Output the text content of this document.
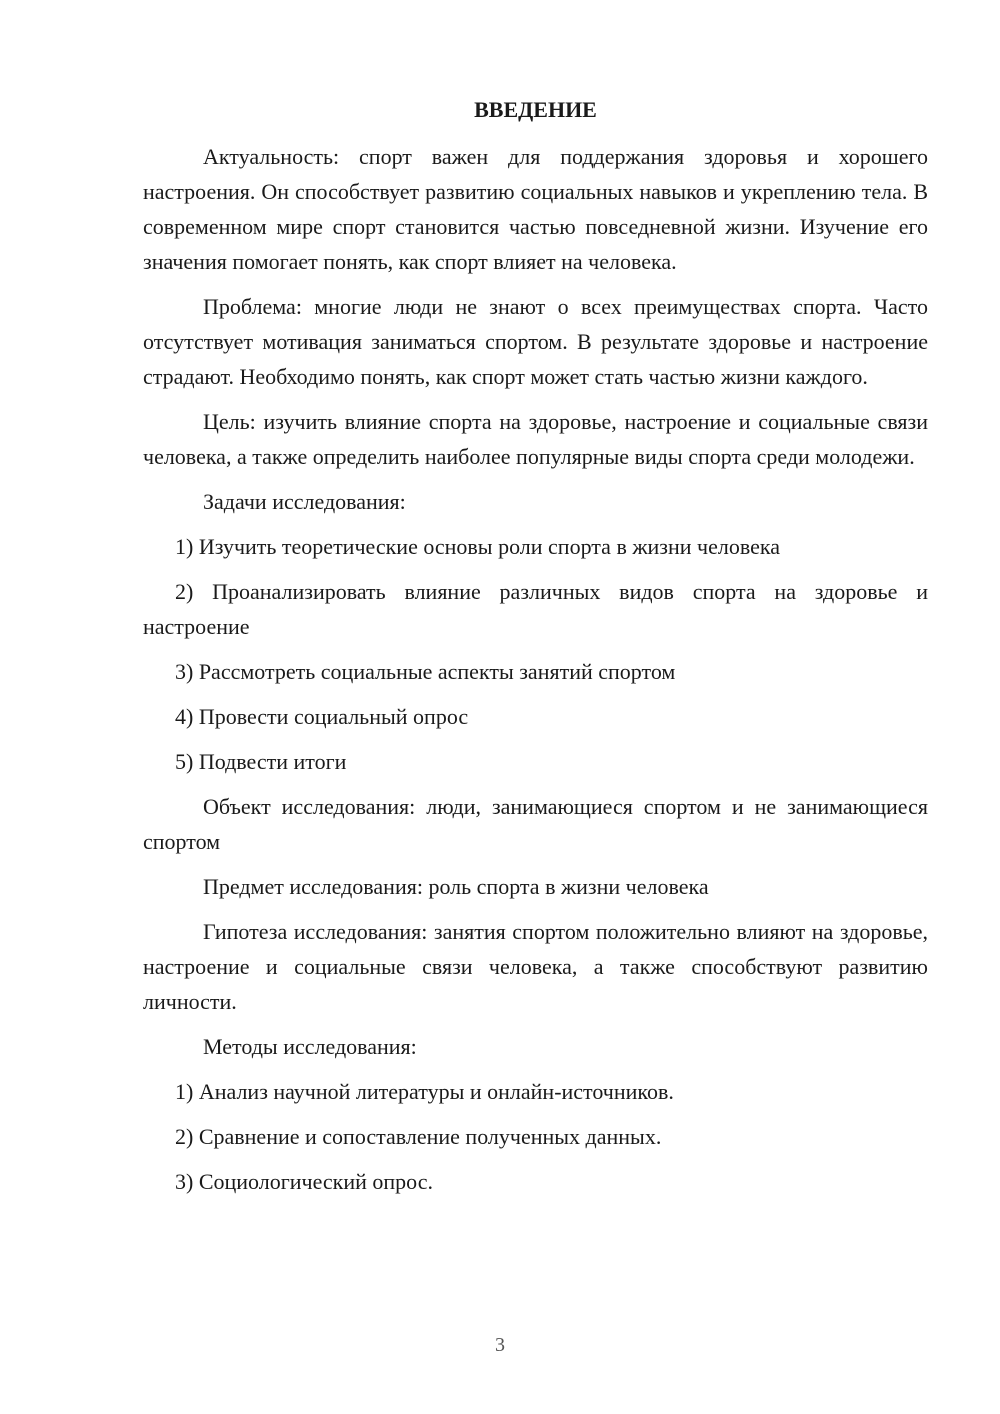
ВВЕДЕНИЕ

Актуальность: спорт важен для поддержания здоровья и хорошего настроения. Он способствует развитию социальных навыков и укреплению тела. В современном мире спорт становится частью повседневной жизни. Изучение его значения помогает понять, как спорт влияет на человека.

Проблема: многие люди не знают о всех преимуществах спорта. Часто отсутствует мотивация заниматься спортом. В результате здоровье и настроение страдают. Необходимо понять, как спорт может стать частью жизни каждого.

Цель: изучить влияние спорта на здоровье, настроение и социальные связи человека, а также определить наиболее популярные виды спорта среди молодежи.

Задачи исследования:

1) Изучить теоретические основы роли спорта в жизни человека

2) Проанализировать влияние различных видов спорта на здоровье и настроение

3) Рассмотреть социальные аспекты занятий спортом

4) Провести социальный опрос

5) Подвести итоги

Объект исследования: люди, занимающиеся спортом и не занимающиеся спортом

Предмет исследования: роль спорта в жизни человека

Гипотеза исследования: занятия спортом положительно влияют на здоровье, настроение и социальные связи человека, а также способствуют развитию личности.

Методы исследования:

1) Анализ научной литературы и онлайн-источников.

2) Сравнение и сопоставление полученных данных.

3) Социологический опрос.

3
